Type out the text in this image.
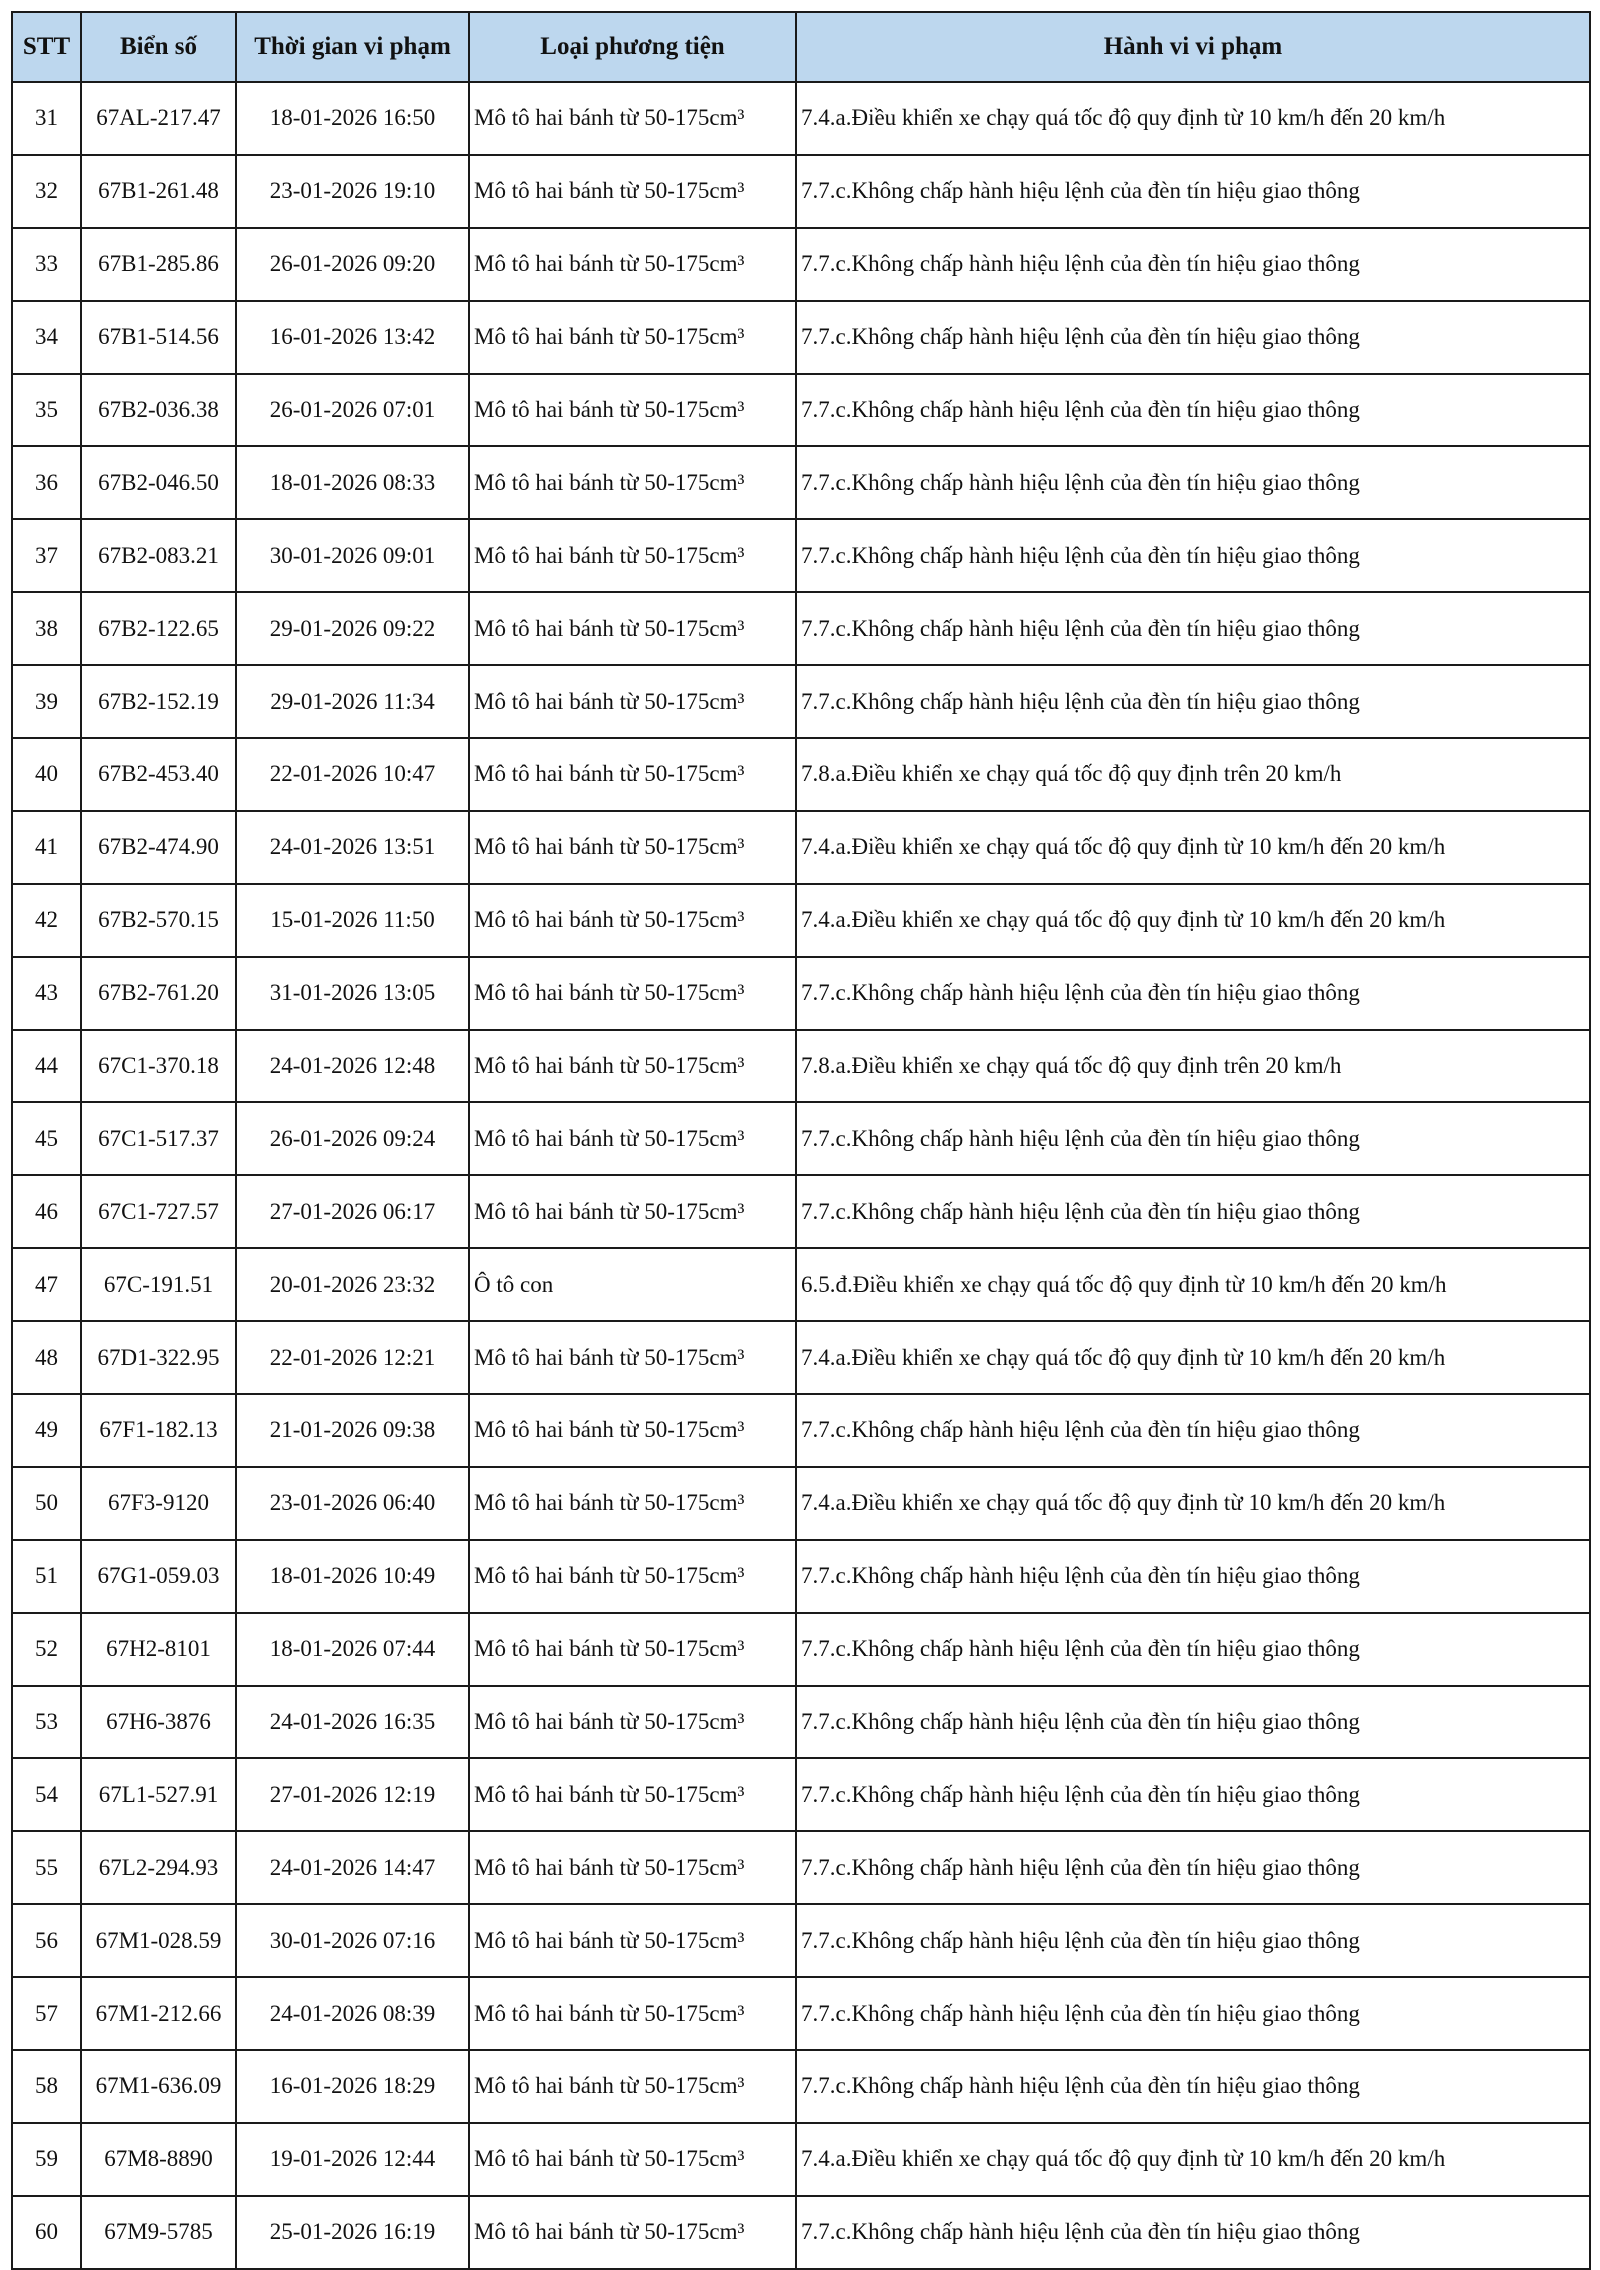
STT	Biển số	Thời gian vi phạm	Loại phương tiện	Hành vi vi phạm
31	67AL-217.47	18-01-2026 16:50	Mô tô hai bánh từ 50-175cm³	7.4.a.Điều khiển xe chạy quá tốc độ quy định từ 10 km/h đến 20 km/h
32	67B1-261.48	23-01-2026 19:10	Mô tô hai bánh từ 50-175cm³	7.7.c.Không chấp hành hiệu lệnh của đèn tín hiệu giao thông
33	67B1-285.86	26-01-2026 09:20	Mô tô hai bánh từ 50-175cm³	7.7.c.Không chấp hành hiệu lệnh của đèn tín hiệu giao thông
34	67B1-514.56	16-01-2026 13:42	Mô tô hai bánh từ 50-175cm³	7.7.c.Không chấp hành hiệu lệnh của đèn tín hiệu giao thông
35	67B2-036.38	26-01-2026 07:01	Mô tô hai bánh từ 50-175cm³	7.7.c.Không chấp hành hiệu lệnh của đèn tín hiệu giao thông
36	67B2-046.50	18-01-2026 08:33	Mô tô hai bánh từ 50-175cm³	7.7.c.Không chấp hành hiệu lệnh của đèn tín hiệu giao thông
37	67B2-083.21	30-01-2026 09:01	Mô tô hai bánh từ 50-175cm³	7.7.c.Không chấp hành hiệu lệnh của đèn tín hiệu giao thông
38	67B2-122.65	29-01-2026 09:22	Mô tô hai bánh từ 50-175cm³	7.7.c.Không chấp hành hiệu lệnh của đèn tín hiệu giao thông
39	67B2-152.19	29-01-2026 11:34	Mô tô hai bánh từ 50-175cm³	7.7.c.Không chấp hành hiệu lệnh của đèn tín hiệu giao thông
40	67B2-453.40	22-01-2026 10:47	Mô tô hai bánh từ 50-175cm³	7.8.a.Điều khiển xe chạy quá tốc độ quy định trên 20 km/h
41	67B2-474.90	24-01-2026 13:51	Mô tô hai bánh từ 50-175cm³	7.4.a.Điều khiển xe chạy quá tốc độ quy định từ 10 km/h đến 20 km/h
42	67B2-570.15	15-01-2026 11:50	Mô tô hai bánh từ 50-175cm³	7.4.a.Điều khiển xe chạy quá tốc độ quy định từ 10 km/h đến 20 km/h
43	67B2-761.20	31-01-2026 13:05	Mô tô hai bánh từ 50-175cm³	7.7.c.Không chấp hành hiệu lệnh của đèn tín hiệu giao thông
44	67C1-370.18	24-01-2026 12:48	Mô tô hai bánh từ 50-175cm³	7.8.a.Điều khiển xe chạy quá tốc độ quy định trên 20 km/h
45	67C1-517.37	26-01-2026 09:24	Mô tô hai bánh từ 50-175cm³	7.7.c.Không chấp hành hiệu lệnh của đèn tín hiệu giao thông
46	67C1-727.57	27-01-2026 06:17	Mô tô hai bánh từ 50-175cm³	7.7.c.Không chấp hành hiệu lệnh của đèn tín hiệu giao thông
47	67C-191.51	20-01-2026 23:32	Ô tô con	6.5.đ.Điều khiển xe chạy quá tốc độ quy định từ 10 km/h đến 20 km/h
48	67D1-322.95	22-01-2026 12:21	Mô tô hai bánh từ 50-175cm³	7.4.a.Điều khiển xe chạy quá tốc độ quy định từ 10 km/h đến 20 km/h
49	67F1-182.13	21-01-2026 09:38	Mô tô hai bánh từ 50-175cm³	7.7.c.Không chấp hành hiệu lệnh của đèn tín hiệu giao thông
50	67F3-9120	23-01-2026 06:40	Mô tô hai bánh từ 50-175cm³	7.4.a.Điều khiển xe chạy quá tốc độ quy định từ 10 km/h đến 20 km/h
51	67G1-059.03	18-01-2026 10:49	Mô tô hai bánh từ 50-175cm³	7.7.c.Không chấp hành hiệu lệnh của đèn tín hiệu giao thông
52	67H2-8101	18-01-2026 07:44	Mô tô hai bánh từ 50-175cm³	7.7.c.Không chấp hành hiệu lệnh của đèn tín hiệu giao thông
53	67H6-3876	24-01-2026 16:35	Mô tô hai bánh từ 50-175cm³	7.7.c.Không chấp hành hiệu lệnh của đèn tín hiệu giao thông
54	67L1-527.91	27-01-2026 12:19	Mô tô hai bánh từ 50-175cm³	7.7.c.Không chấp hành hiệu lệnh của đèn tín hiệu giao thông
55	67L2-294.93	24-01-2026 14:47	Mô tô hai bánh từ 50-175cm³	7.7.c.Không chấp hành hiệu lệnh của đèn tín hiệu giao thông
56	67M1-028.59	30-01-2026 07:16	Mô tô hai bánh từ 50-175cm³	7.7.c.Không chấp hành hiệu lệnh của đèn tín hiệu giao thông
57	67M1-212.66	24-01-2026 08:39	Mô tô hai bánh từ 50-175cm³	7.7.c.Không chấp hành hiệu lệnh của đèn tín hiệu giao thông
58	67M1-636.09	16-01-2026 18:29	Mô tô hai bánh từ 50-175cm³	7.7.c.Không chấp hành hiệu lệnh của đèn tín hiệu giao thông
59	67M8-8890	19-01-2026 12:44	Mô tô hai bánh từ 50-175cm³	7.4.a.Điều khiển xe chạy quá tốc độ quy định từ 10 km/h đến 20 km/h
60	67M9-5785	25-01-2026 16:19	Mô tô hai bánh từ 50-175cm³	7.7.c.Không chấp hành hiệu lệnh của đèn tín hiệu giao thông
